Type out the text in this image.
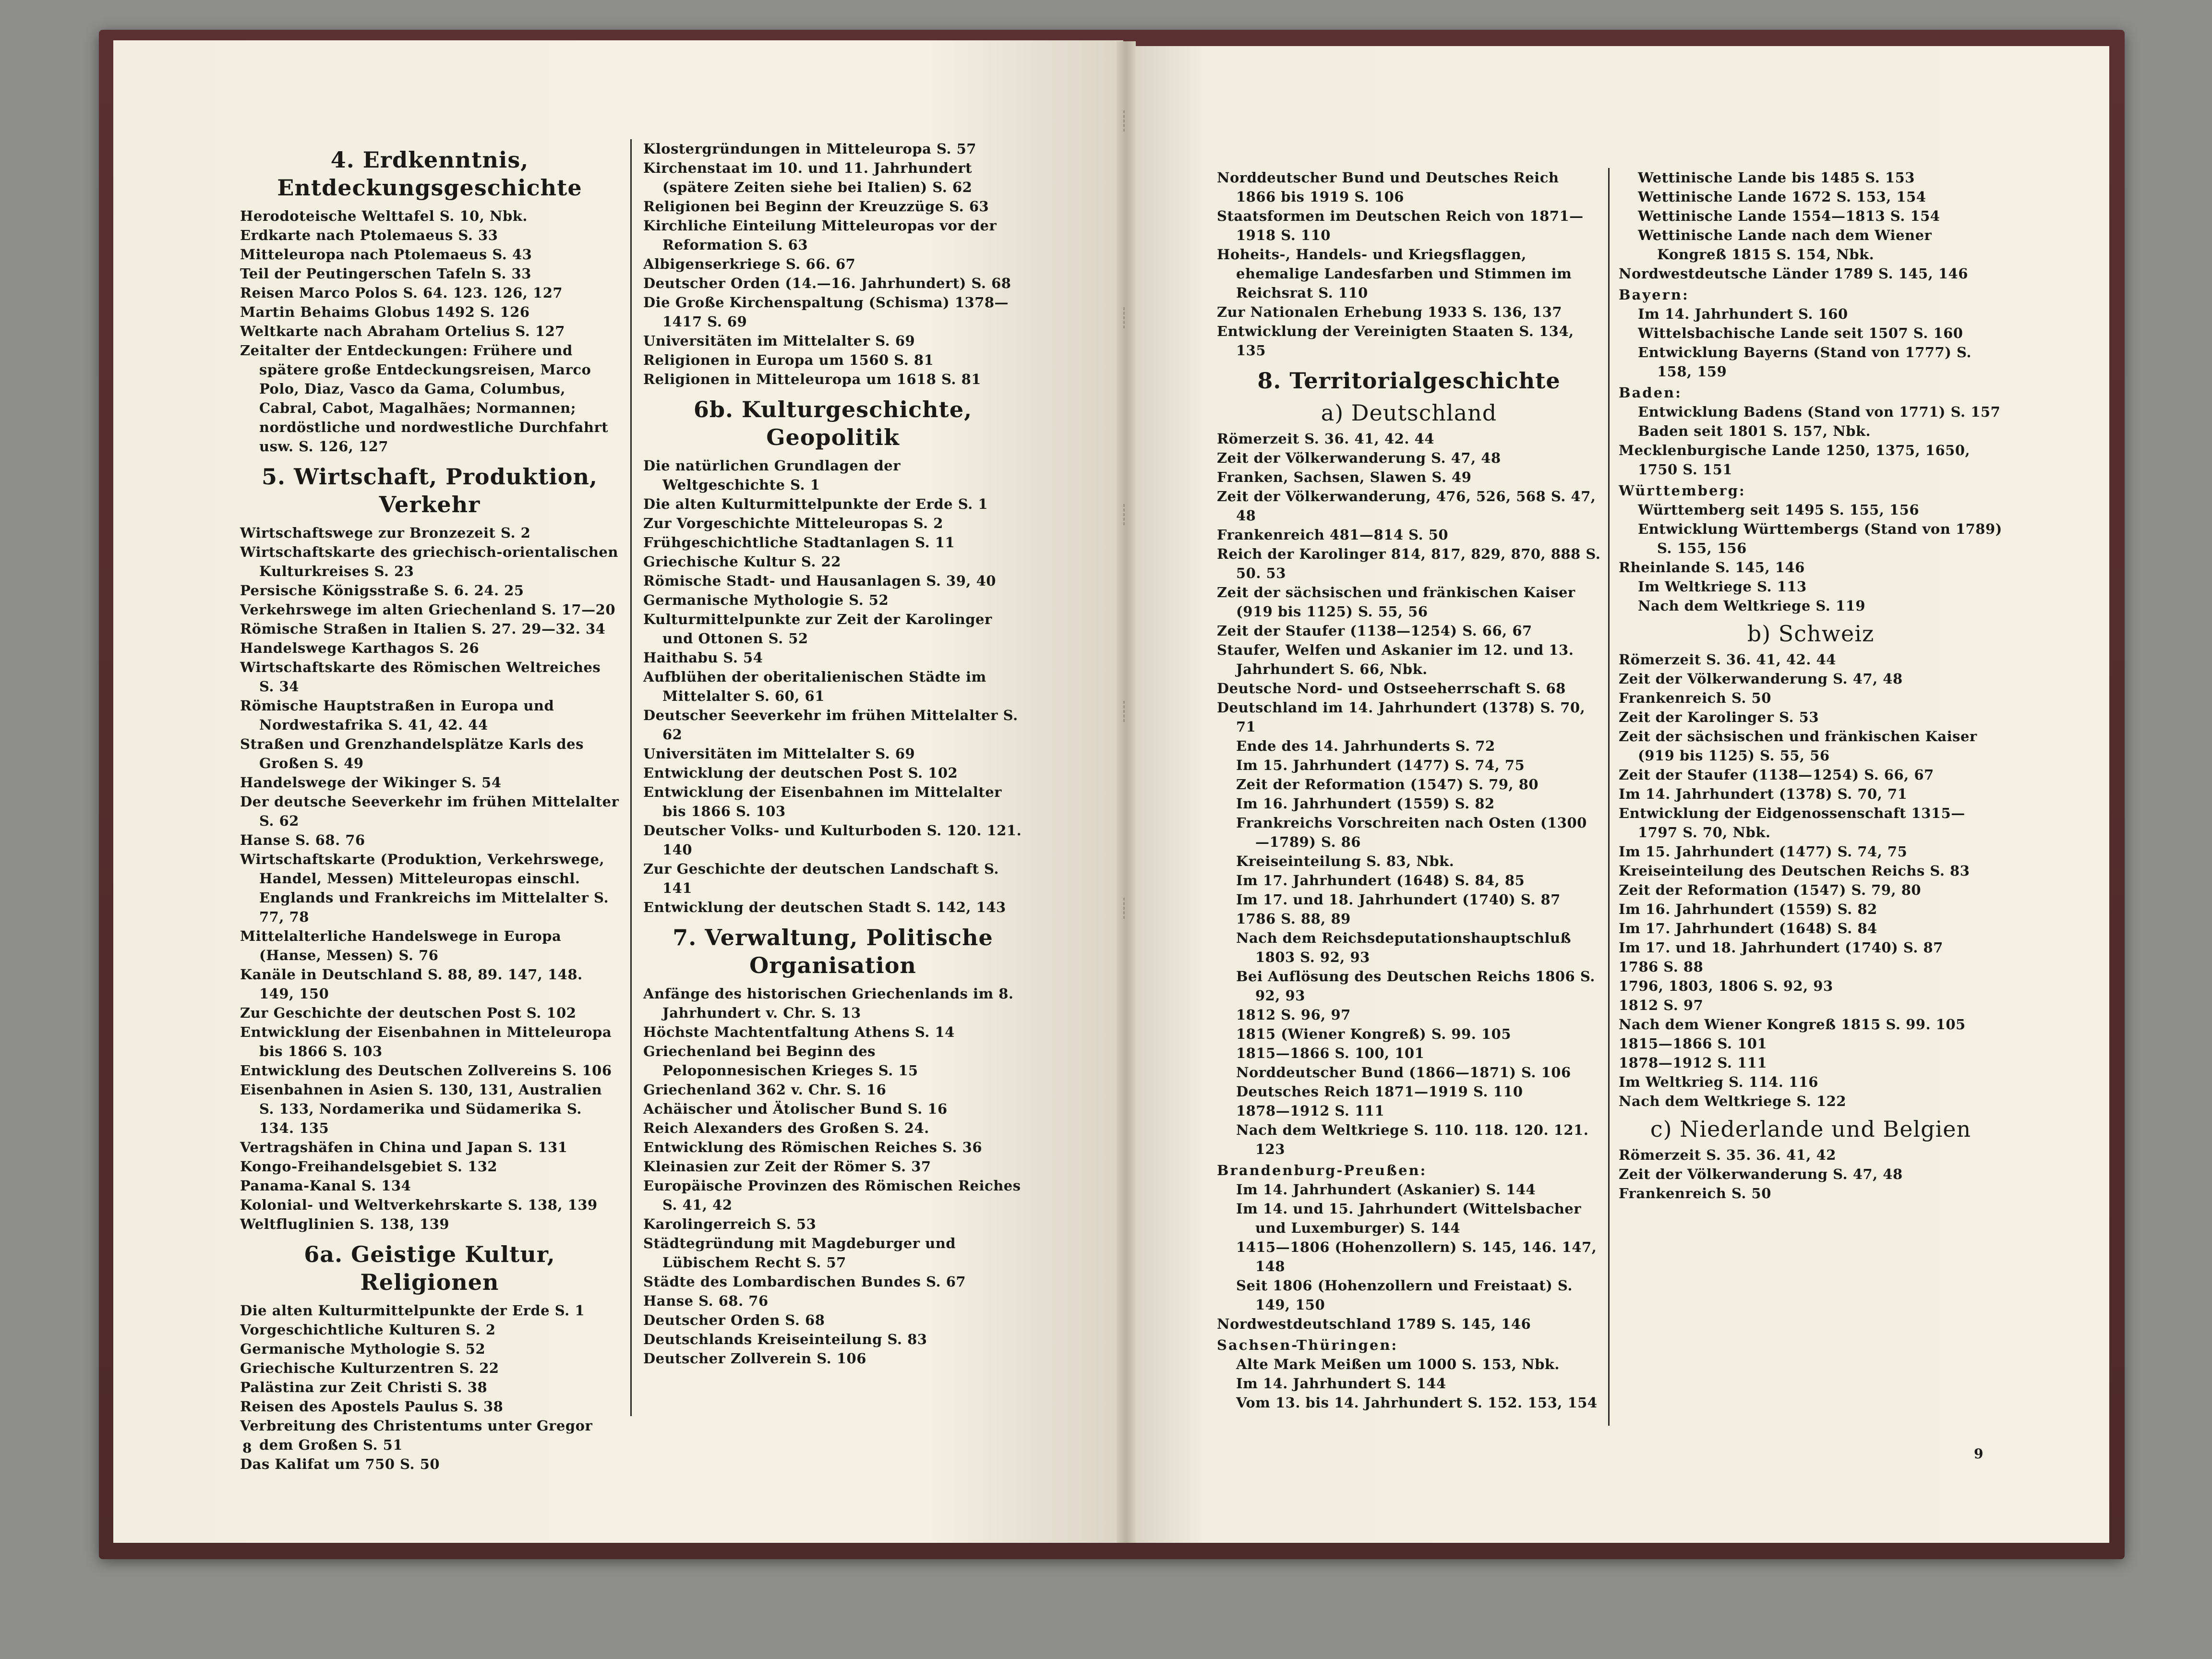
4. Erdkenntnis, Entdeckungsgeschichte

Herodoteische Welttafel S. 10, Nbk.

Erdkarte nach Ptolemaeus S. 33

Mitteleuropa nach Ptolemaeus S. 43

Teil der Peutingerschen Tafeln S. 33

Reisen Marco Polos S. 64. 123. 126, 127

Martin Behaims Globus 1492 S. 126

Weltkarte nach Abraham Ortelius S. 127

Zeitalter der Entdeckungen: Frühere und spätere große Entdeckungsreisen, Marco Polo, Diaz, Vasco da Gama, Columbus, Cabral, Cabot, Magalhães; Normannen; nordöstliche und nordwestliche Durchfahrt usw. S. 126, 127

5. Wirtschaft, Produktion, Verkehr

Wirtschaftswege zur Bronzezeit S. 2

Wirtschaftskarte des griechisch-orientalischen Kulturkreises S. 23

Persische Königsstraße S. 6. 24. 25

Verkehrswege im alten Griechenland S. 17—20

Römische Straßen in Italien S. 27. 29—32. 34

Handelswege Karthagos S. 26

Wirtschaftskarte des Römischen Weltreiches S. 34

Römische Hauptstraßen in Europa und Nordwestafrika S. 41, 42. 44

Straßen und Grenzhandelsplätze Karls des Großen S. 49

Handelswege der Wikinger S. 54

Der deutsche Seeverkehr im frühen Mittelalter S. 62

Hanse S. 68. 76

Wirtschaftskarte (Produktion, Verkehrswege, Handel, Messen) Mitteleuropas einschl. Englands und Frankreichs im Mittelalter S. 77, 78

Mittelalterliche Handelswege in Europa (Hanse, Messen) S. 76

Kanäle in Deutschland S. 88, 89. 147, 148. 149, 150

Zur Geschichte der deutschen Post S. 102

Entwicklung der Eisenbahnen in Mitteleuropa bis 1866 S. 103

Entwicklung des Deutschen Zollvereins S. 106

Eisenbahnen in Asien S. 130, 131, Australien S. 133, Nordamerika und Südamerika S. 134. 135

Vertragshäfen in China und Japan S. 131

Kongo-Freihandelsgebiet S. 132

Panama-Kanal S. 134

Kolonial- und Weltverkehrskarte S. 138, 139

Weltfluglinien S. 138, 139

6a. Geistige Kultur, Religionen

Die alten Kulturmittelpunkte der Erde S. 1

Vorgeschichtliche Kulturen S. 2

Germanische Mythologie S. 52

Griechische Kulturzentren S. 22

Palästina zur Zeit Christi S. 38

Reisen des Apostels Paulus S. 38

Verbreitung des Christentums unter Gregor dem Großen S. 51

Das Kalifat um 750 S. 50

Klostergründungen in Mitteleuropa S. 57

Kirchenstaat im 10. und 11. Jahrhundert (spätere Zeiten siehe bei Italien) S. 62

Religionen bei Beginn der Kreuzzüge S. 63

Kirchliche Einteilung Mitteleuropas vor der Reformation S. 63

Albigenserkriege S. 66. 67

Deutscher Orden (14.—16. Jahrhundert) S. 68

Die Große Kirchenspaltung (Schisma) 1378—1417 S. 69

Universitäten im Mittelalter S. 69

Religionen in Europa um 1560 S. 81

Religionen in Mitteleuropa um 1618 S. 81

6b. Kulturgeschichte, Geopolitik

Die natürlichen Grundlagen der Weltgeschichte S. 1

Die alten Kulturmittelpunkte der Erde S. 1

Zur Vorgeschichte Mitteleuropas S. 2

Frühgeschichtliche Stadtanlagen S. 11

Griechische Kultur S. 22

Römische Stadt- und Hausanlagen S. 39, 40

Germanische Mythologie S. 52

Kulturmittelpunkte zur Zeit der Karolinger und Ottonen S. 52

Haithabu S. 54

Aufblühen der oberitalienischen Städte im Mittelalter S. 60, 61

Deutscher Seeverkehr im frühen Mittelalter S. 62

Universitäten im Mittelalter S. 69

Entwicklung der deutschen Post S. 102

Entwicklung der Eisenbahnen im Mittelalter bis 1866 S. 103

Deutscher Volks- und Kulturboden S. 120. 121. 140

Zur Geschichte der deutschen Landschaft S. 141

Entwicklung der deutschen Stadt S. 142, 143

7. Verwaltung, Politische Organisation

Anfänge des historischen Griechenlands im 8. Jahrhundert v. Chr. S. 13

Höchste Machtentfaltung Athens S. 14

Griechenland bei Beginn des Peloponnesischen Krieges S. 15

Griechenland 362 v. Chr. S. 16

Achäischer und Ätolischer Bund S. 16

Reich Alexanders des Großen S. 24.

Entwicklung des Römischen Reiches S. 36

Kleinasien zur Zeit der Römer S. 37

Europäische Provinzen des Römischen Reiches S. 41, 42

Karolingerreich S. 53

Städtegründung mit Magdeburger und Lübischem Recht S. 57

Städte des Lombardischen Bundes S. 67

Hanse S. 68. 76

Deutscher Orden S. 68

Deutschlands Kreiseinteilung S. 83

Deutscher Zollverein S. 106

8

Norddeutscher Bund und Deutsches Reich 1866 bis 1919 S. 106

Staatsformen im Deutschen Reich von 1871—1918 S. 110

Hoheits-, Handels- und Kriegsflaggen, ehemalige Landesfarben und Stimmen im Reichsrat S. 110

Zur Nationalen Erhebung 1933 S. 136, 137

Entwicklung der Vereinigten Staaten S. 134, 135

8. Territorialgeschichte
a) Deutschland

Römerzeit S. 36. 41, 42. 44

Zeit der Völkerwanderung S. 47, 48

Franken, Sachsen, Slawen S. 49

Zeit der Völkerwanderung, 476, 526, 568 S. 47, 48

Frankenreich 481—814 S. 50

Reich der Karolinger 814, 817, 829, 870, 888 S. 50. 53

Zeit der sächsischen und fränkischen Kaiser (919 bis 1125) S. 55, 56

Zeit der Staufer (1138—1254) S. 66, 67

Staufer, Welfen und Askanier im 12. und 13. Jahrhundert S. 66, Nbk.

Deutsche Nord- und Ostseeherrschaft S. 68

Deutschland im 14. Jahrhundert (1378) S. 70, 71

Ende des 14. Jahrhunderts S. 72

Im 15. Jahrhundert (1477) S. 74, 75

Zeit der Reformation (1547) S. 79, 80

Im 16. Jahrhundert (1559) S. 82

Frankreichs Vorschreiten nach Osten (1300—1789) S. 86

Kreiseinteilung S. 83, Nbk.

Im 17. Jahrhundert (1648) S. 84, 85

Im 17. und 18. Jahrhundert (1740) S. 87

1786 S. 88, 89

Nach dem Reichsdeputationshauptschluß 1803 S. 92, 93

Bei Auflösung des Deutschen Reichs 1806 S. 92, 93

1812 S. 96, 97

1815 (Wiener Kongreß) S. 99. 105

1815—1866 S. 100, 101

Norddeutscher Bund (1866—1871) S. 106

Deutsches Reich 1871—1919 S. 110

1878—1912 S. 111

Nach dem Weltkriege S. 110. 118. 120. 121. 123

Brandenburg-Preußen:

Im 14. Jahrhundert (Askanier) S. 144

Im 14. und 15. Jahrhundert (Wittelsbacher und Luxemburger) S. 144

1415—1806 (Hohenzollern) S. 145, 146. 147, 148

Seit 1806 (Hohenzollern und Freistaat) S. 149, 150

Nordwestdeutschland 1789 S. 145, 146

Sachsen-Thüringen:

Alte Mark Meißen um 1000 S. 153, Nbk.

Im 14. Jahrhundert S. 144

Vom 13. bis 14. Jahrhundert S. 152. 153, 154

Wettinische Lande bis 1485 S. 153

Wettinische Lande 1672 S. 153, 154

Wettinische Lande 1554—1813 S. 154

Wettinische Lande nach dem Wiener Kongreß 1815 S. 154, Nbk.

Nordwestdeutsche Länder 1789 S. 145, 146

Bayern:

Im 14. Jahrhundert S. 160

Wittelsbachische Lande seit 1507 S. 160

Entwicklung Bayerns (Stand von 1777) S. 158, 159

Baden:

Entwicklung Badens (Stand von 1771) S. 157

Baden seit 1801 S. 157, Nbk.

Mecklenburgische Lande 1250, 1375, 1650, 1750 S. 151

Württemberg:

Württemberg seit 1495 S. 155, 156

Entwicklung Württembergs (Stand von 1789) S. 155, 156

Rheinlande S. 145, 146

Im Weltkriege S. 113

Nach dem Weltkriege S. 119

b) Schweiz

Römerzeit S. 36. 41, 42. 44

Zeit der Völkerwanderung S. 47, 48

Frankenreich S. 50

Zeit der Karolinger S. 53

Zeit der sächsischen und fränkischen Kaiser (919 bis 1125) S. 55, 56

Zeit der Staufer (1138—1254) S. 66, 67

Im 14. Jahrhundert (1378) S. 70, 71

Entwicklung der Eidgenossenschaft 1315—1797 S. 70, Nbk.

Im 15. Jahrhundert (1477) S. 74, 75

Kreiseinteilung des Deutschen Reichs S. 83

Zeit der Reformation (1547) S. 79, 80

Im 16. Jahrhundert (1559) S. 82

Im 17. Jahrhundert (1648) S. 84

Im 17. und 18. Jahrhundert (1740) S. 87

1786 S. 88

1796, 1803, 1806 S. 92, 93

1812 S. 97

Nach dem Wiener Kongreß 1815 S. 99. 105

1815—1866 S. 101

1878—1912 S. 111

Im Weltkrieg S. 114. 116

Nach dem Weltkriege S. 122

c) Niederlande und Belgien

Römerzeit S. 35. 36. 41, 42

Zeit der Völkerwanderung S. 47, 48

Frankenreich S. 50

9
